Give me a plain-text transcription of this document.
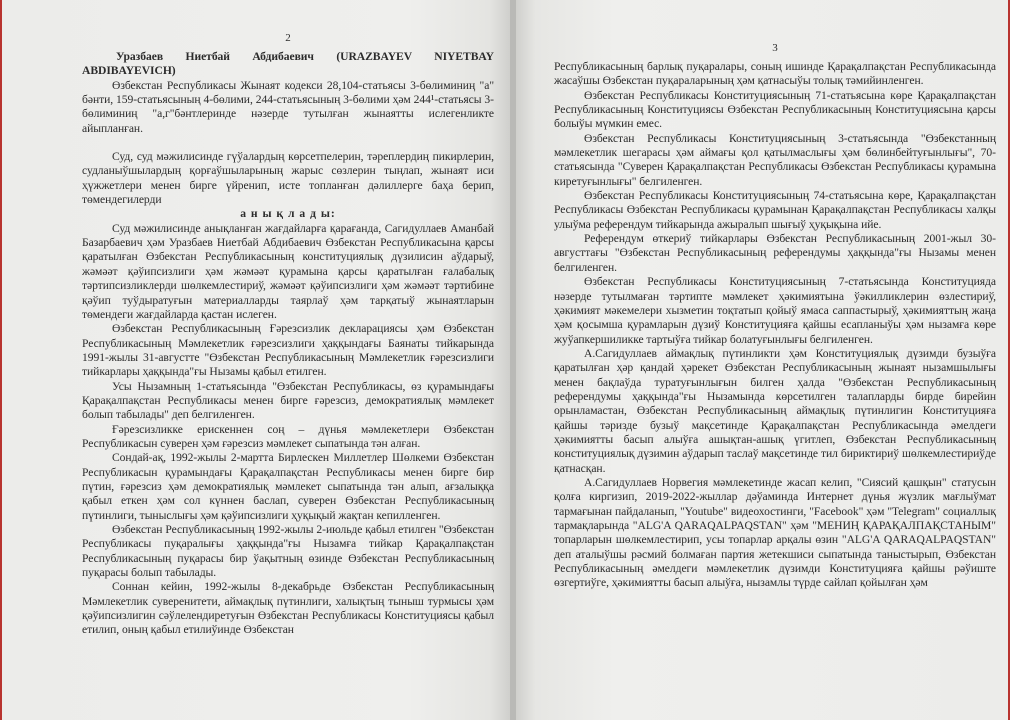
2

Уразбаев Ниетбай Абдибаевич (URAZBAYEV NIYETBAY ABDIBAYEVICH)

Өзбекстан Республикасы Жынаят кодекси 28,104-статьясы 3-бөлиминиң "а" бәнти, 159-статьясының 4-бөлими, 244-статьясының 3-бөлими ҳәм 244¹-статьясы 3-бөлиминиң "а,г"бәнтлеринде нәзерде тутылған жынаятты ислегенликте айыпланған.

Суд, суд мәжилисинде гүўалардың көрсетпелерин, тәреплердиң пикирлерин, судланыўшылардың қорғаўшыларының жарыс сөзлерин тыңлап, жынаят иси ҳүжжетлери менен бирге үйренип, исте топланған дәлиллерге баҳа берип, төмендегилерди

а н ы қ л а д ы:

Суд мәжилисинде анықланған жағдайларға қарағанда, Сагидуллаев Аманбай Базарбаевич ҳәм Уразбаев Ниетбай Абдибаевич Өзбекстан Республикасына қарсы қаратылған Өзбекстан Республикасының конституциялық дүзилисин аўдарыў, жәмәәт қәўипсизлиги ҳәм жәмәәт қурамына қарсы қаратылған ғалабалық тәртипсизликлерди шөлкемлестириў, жәмәәт қәўипсизлиги ҳәм жәмәәт тәртибине қәўип туўдыратуғын материалларды таярлаў ҳәм тарқатыў жынаятларын төмендеги жағдайларда қастан ислеген.

Өзбекстан Республикасының Ғәрезсизлик декларациясы ҳәм Өзбекстан Республикасының Мәмлекетлик ғәрезсизлиги ҳаққындағы Баянаты тийкарында 1991-жылы 31-августте "Өзбекстан Республикасының Мәмлекетлик ғәрезсизлиги тийкарлары ҳаққында"ғы Нызамы қабыл етилген.

Усы Нызамның 1-статьясында "Өзбекстан Республикасы, өз қурамындағы Қарақалпақстан Республикасы менен бирге ғәрезсиз, демократиялық мәмлекет болып табылады" деп белгиленген.

Ғәрезсизликке ерискеннен соң – дүнья мәмлекетлери Өзбекстан Республикасын суверен ҳәм ғәрезсиз мәмлекет сыпатында тән алған.

Сондай-ақ, 1992-жылы 2-мартта Бирлескен Миллетлер Шөлкеми Өзбекстан Республикасын қурамындағы Қарақалпақстан Республикасы менен бирге бир пүтин, ғәрезсиз ҳәм демократиялық мәмлекет сыпатында тән алып, ағзалыққа қабыл еткен ҳәм сол күннен баслап, суверен Өзбекстан Республикасының пүтинлиги, тыныслығы ҳәм қәўипсизлиги ҳуқықый жақтан кепилленген.

Өзбекстан Республикасының 1992-жылы 2-июльде қабыл етилген "Өзбекстан Республикасы пуқаралығы ҳаққында"ғы Нызамға тийкар Қарақалпақстан Республикасының пуқарасы бир ўақытның өзинде Өзбекстан Республикасының пуқарасы болып табылады.

Соннан кейин, 1992-жылы 8-декабрьде Өзбекстан Республикасының Мәмлекетлик суверенитети, аймақлық пүтинлиги, халықтың тыныш турмысы ҳәм қәўипсизлигин сәўлелендиретуғын Өзбекстан Республикасы Конституциясы қабыл етилип, оның қабыл етилиўинде Өзбекстан

3

Республикасының барлық пуқаралары, соның ишинде Қарақалпақстан Республикасында жасаўшы Өзбекстан пуқараларының ҳәм қатнасыўы толық тәмийинленген.

Өзбекстан Республикасы Конституциясының 71-статьясына көре Қарақалпақстан Республикасының Конституциясы Өзбекстан Республикасының Конституциясына қарсы болыўы мүмкин емес.

Өзбекстан Республикасы Конституциясының 3-статьясында "Өзбекстанның мәмлекетлик шегарасы ҳәм аймағы қол қатылмаслығы ҳәм бөлинбейтуғынлығы", 70-статьясында "Суверен Қарақалпақстан Республикасы Өзбекстан Республикасы қурамына киретуғынлығы" белгиленген.

Өзбекстан Республикасы Конституциясының 74-статьясына көре, Қарақалпақстан Республикасы Өзбекстан Республикасы қурамынан Қарақалпақстан Республикасы халқы улыўма референдум тийкарында ажыралып шығыў ҳуқықына ийе.

Референдум өткериў тийкарлары Өзбекстан Республикасының 2001-жыл 30-августтағы "Өзбекстан Республикасының референдумы ҳаққында"ғы Нызамы менен белгиленген.

Өзбекстан Республикасы Конституциясының 7-статьясында Конституцияда нәзерде тутылмаған тәртипте мәмлекет ҳәкимиятына ўәкилликлерин өзлестириў, ҳәкимият мәкемелери хызметин тоқтатып қойыў ямаса саппастырыў, ҳәкимияттың жаңа ҳәм қосымша қурамларын дүзиў Конституцияға қайшы есапланыўы ҳәм нызамға көре жуўапкершиликке тартыўға тийкар болатуғынлығы белгиленген.

А.Сагидуллаев аймақлық пүтинликти ҳәм Конституциялық дүзимди бузыўға қаратылған ҳәр қандай ҳәрекет Өзбекстан Республикасының жынаят нызамшылығы менен бақлаўда туратуғынлығын билген ҳалда "Өзбекстан Республикасының референдумы ҳаққында"ғы Нызамында көрсетилген талапларды бирде бирейин орынламастан, Өзбекстан Республикасының аймақлық пүтинлигин Конституцияға қайшы тәризде бузыў мақсетинде Қарақалпақстан Республикасында әмелдеги ҳәкимиятты басып алыўға ашықтан-ашық үгитлеп, Өзбекстан Республикасының конституциялық дүзимин аўдарып таслаў мақсетинде тил бириктириў шөлкемлестириўде қатнасқан.

А.Сагидуллаев Норвегия мәмлекетинде жасап келип, "Сиясий қашқын" статусын қолға киргизип, 2019-2022-жыллар дәўаминда Интернет дүнья жүзлик мағлыўмат тармағынан пайдаланып, "Youtube" видеохостинги, "Facebook" ҳәм "Telegram" социаллық тармақларында "ALG'A QARAQALPAQSTAN" ҳәм "МЕНИҢ ҚАРАҚАЛПАҚСТАНЫМ" топарларын шөлкемлестирип, усы топарлар арқалы өзин "ALG'A QARAQALPAQSTAN" деп аталыўшы рәсмий болмаған партия жетекшиси сыпатында таныстырып, Өзбекстан Республикасының әмелдеги мәмлекетлик дүзимди Конституцияға қайшы рәўиште өзгертиўге, ҳәкимиятты басып алыўға, нызамлы түрде сайлап қойылған ҳәм
